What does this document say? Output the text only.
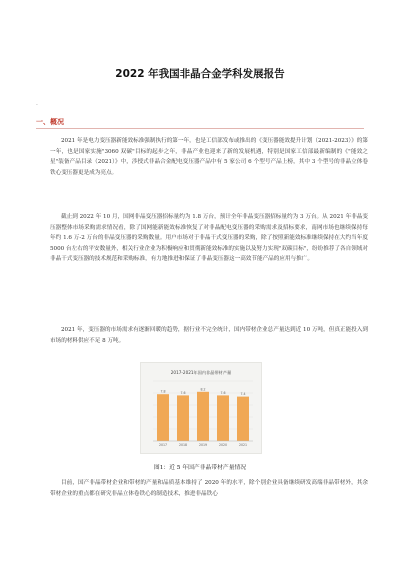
2022 年我国非晶合金学科发展报告
.
一、概况
2021 年是电力变压器新能效标准强制执行的第一年，也是工信部发布或推出的《变压器能效提升计划（2021-2023）》的第一年，也是国家实施"3060 双碳"目标的起步之年，非晶产业也迎来了新的发展机遇，特别是国家工信部最新编制的《"能效之星"装备产品目录（2021）》中，涉授式非晶合金配电变压器产品中有 5 家公司 6 个型号产品上榜，其中 3 个型号的非晶立体卷铁心变压器更是成为亮点。
截止到 2022 年 10 月，国网非晶变压器招标量约为 1.8 万台，预计全年非晶变压器招标量约为 3 万台。从 2021 年非晶变压器整体市场采购需求情况看，除了国网能新能效标准恢复了对非晶配电变压器的采购需求及招标要求，南网市场也继续保持每年约 1.6 万-2 万台的非晶变压器的采购数量。用户市场对于非晶干式变压器的采购，除了按照新能效标准继续保持在大约当年度 5000 台左右的平安数量外，相关行业企业为积极响应和贯彻新能效标准的实施以及努力实现"双碳目标"，纷纷推荐了各自领域对非晶干式变压器的技术规范和采购标准，有力地推进和保证了非晶变压器这一高效节能产品的应用与推广。
2021 年，变压器的市场需求有逐渐回暖的趋势，据行业不完全统计，国内带材企业总产量达到近 10 万吨，但真正能投入到市场的材料供应不足 8 万吨。
2017-2021年国内非晶带材产量
7.8
2017
7.6
2018
8.2
2019
7.6
2020
7.4
2021
图1：近 5 年国产非晶带材产量情况
目前，国产非晶带材企业和带材的产量和品质基本维持了 2020 年的水平，除个别企业具备继续研发高端非晶带材外，其余带材企业的重点都在研究非晶立体卷铁心的制造技术，推进非晶铁心
